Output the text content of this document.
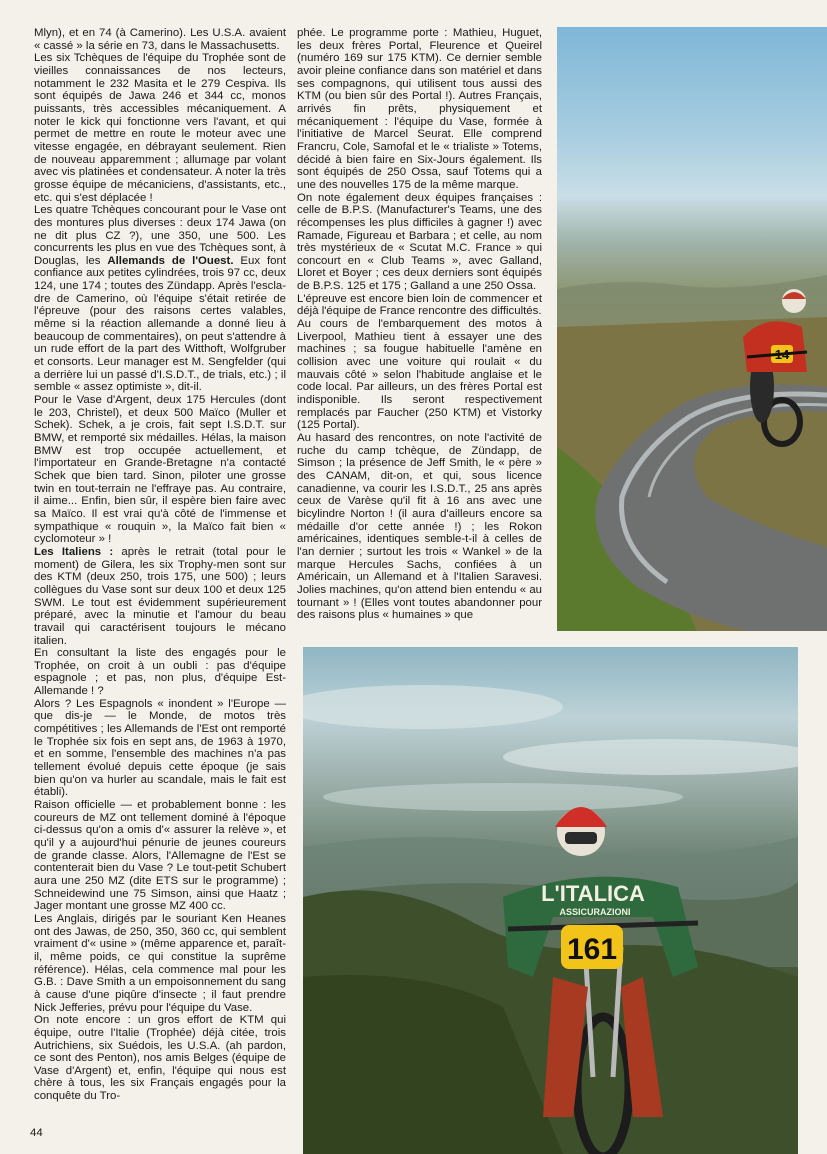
Mlyn), et en 74 (à Camerino). Les U.S.A. avaient « cassé » la série en 73, dans le Massachusetts.

Les six Tchèques de l'équipe du Trophée sont de vieilles connaissances de nos lecteurs, notamment le 232 Masita et le 279 Cespiva. Ils sont équipés de Jawa 246 et 344 cc, monos puissants, très accessibles mécaniquement. A noter le kick qui fonctionne vers l'avant, et qui permet de mettre en route le moteur avec une vitesse engagée, en débrayant seulement. Rien de nouveau apparemment ; allumage par volant avec vis platinées et condensateur. A noter la très grosse équipe de mécaniciens, d'assistants, etc., etc. qui s'est déplacée !

Les quatre Tchèques concourant pour le Vase ont des montures plus diverses : deux 174 Jawa (on ne dit plus CZ ?), une 350, une 500. Les concurrents les plus en vue des Tchèques sont, à Douglas, les Allemands de l'Ouest. Eux font confiance aux petites cylindrées, trois 97 cc, deux 124, une 174 ; toutes des Zündapp. Après l'escla-dre de Camerino, où l'équipe s'était retirée de l'épreuve (pour des raisons certes valables, même si la réaction allemande a donné lieu à beaucoup de commentaires), on peut s'attendre à un rude effort de la part des Witthoft, Wolfgruber et consorts. Leur manager est M. Sengfelder (qui a derrière lui un passé d'I.S.D.T., de trials, etc.) ; il semble « assez optimiste », dit-il.

Pour le Vase d'Argent, deux 175 Hercules (dont le 203, Christel), et deux 500 Maïco (Muller et Schek). Schek, a je crois, fait sept I.S.D.T. sur BMW, et remporté six médailles. Hélas, la maison BMW est trop occupée actuellement, et l'importateur en Grande-Bretagne n'a contacté Schek que bien tard. Sinon, piloter une grosse twin en tout-terrain ne l'effraye pas. Au contraire, il aime... Enfin, bien sûr, il espère bien faire avec sa Maïco. Il est vrai qu'à côté de l'immense et sympathique « rouquin », la Maïco fait bien « cyclomoteur » !

Les Italiens : après le retrait (total pour le moment) de Gilera, les six Trophy-men sont sur des KTM (deux 250, trois 175, une 500) ; leurs collègues du Vase sont sur deux 100 et deux 125 SWM. Le tout est évidemment supérieurement préparé, avec la minutie et l'amour du beau travail qui caractérisent toujours le mécano italien.

En consultant la liste des engagés pour le Trophée, on croit à un oubli : pas d'équipe espagnole ; et pas, non plus, d'équipe Est-Allemande ! ?

Alors ? Les Espagnols « inondent » l'Europe — que dis-je — le Monde, de motos très compétitives ; les Allemands de l'Est ont remporté le Trophée six fois en sept ans, de 1963 à 1970, et en somme, l'ensemble des machines n'a pas tellement évolué depuis cette époque (je sais bien qu'on va hurler au scandale, mais le fait est établi).

Raison officielle — et probablement bonne : les coureurs de MZ ont tellement dominé à l'époque ci-dessus qu'on a omis d'« assurer la relève », et qu'il y a aujourd'hui pénurie de jeunes coureurs de grande classe. Alors, l'Allemagne de l'Est se contenterait bien du Vase ? Le tout-petit Schubert aura une 250 MZ (dite ETS sur le programme) ; Schneidewind une 75 Simson, ainsi que Haatz ; Jager montant une grosse MZ 400 cc.

Les Anglais, dirigés par le souriant Ken Heanes ont des Jawas, de 250, 350, 360 cc, qui semblent vraiment d'« usine » (même apparence et, paraît-il, même poids, ce qui constitue la suprême référence). Hélas, cela commence mal pour les G.B. : Dave Smith a un empoisonnement du sang à cause d'une piqûre d'insecte ; il faut prendre Nick Jefferies, prévu pour l'équipe du Vase.

On note encore : un gros effort de KTM qui équipe, outre l'Italie (Trophée) déjà citée, trois Autrichiens, six Suédois, les U.S.A. (ah pardon, ce sont des Penton), nos amis Belges (équipe de Vase d'Argent) et, enfin, l'équipe qui nous est chère à tous, les six Français engagés pour la conquête du Tro-

phée. Le programme porte : Mathieu, Huguet, les deux frères Portal, Fleurence et Queirel (numéro 169 sur 175 KTM). Ce dernier semble avoir pleine confiance dans son matériel et dans ses compagnons, qui utilisent tous aussi des KTM (ou bien sûr des Portal !). Autres Français, arrivés fin prêts, physiquement et mécaniquement : l'équipe du Vase, formée à l'initiative de Marcel Seurat. Elle comprend Francru, Cole, Samofal et le « trialiste » Totems, décidé à bien faire en Six-Jours également. Ils sont équipés de 250 Ossa, sauf Totems qui a une des nouvelles 175 de la même marque.

On note également deux équipes françaises : celle de B.P.S. (Manufacturer's Teams, une des récompenses les plus difficiles à gagner !) avec Ramade, Figureau et Barbara ; et celle, au nom très mystérieux de « Scutat M.C. France » qui concourt en « Club Teams », avec Galland, Lloret et Boyer ; ces deux derniers sont équipés de B.P.S. 125 et 175 ; Galland a une 250 Ossa.

L'épreuve est encore bien loin de commencer et déjà l'équipe de France rencontre des difficultés.

Au cours de l'embarquement des motos à Liverpool, Mathieu tient à essayer une des machines ; sa fougue habituelle l'amène en collision avec une voiture qui roulait « du mauvais côté » selon l'habitude anglaise et le code local. Par ailleurs, un des frères Portal est indisponible. Ils seront respectivement remplacés par Faucher (250 KTM) et Vistorky (125 Portal).

Au hasard des rencontres, on note l'activité de ruche du camp tchèque, de Zündapp, de Simson ; la présence de Jeff Smith, le « père » des CANAM, dit-on, et qui, sous licence canadienne, va courir les I.S.D.T., 25 ans après ceux de Varèse qu'il fit à 16 ans avec une bicylindre Norton ! (il aura d'ailleurs encore sa médaille d'or cette année !) ; les Rokon américaines, identiques semble-t-il à celles de l'an dernier ; surtout les trois « Wankel » de la marque Hercules Sachs, confiées à un Américain, un Allemand et à l'Italien Saravesi. Jolies machines, qu'on attend bien entendu « au tournant » ! (Elles vont toutes abandonner pour des raisons plus « humaines » que

L'ITALICA
ASSICURAZIONI
161
44
